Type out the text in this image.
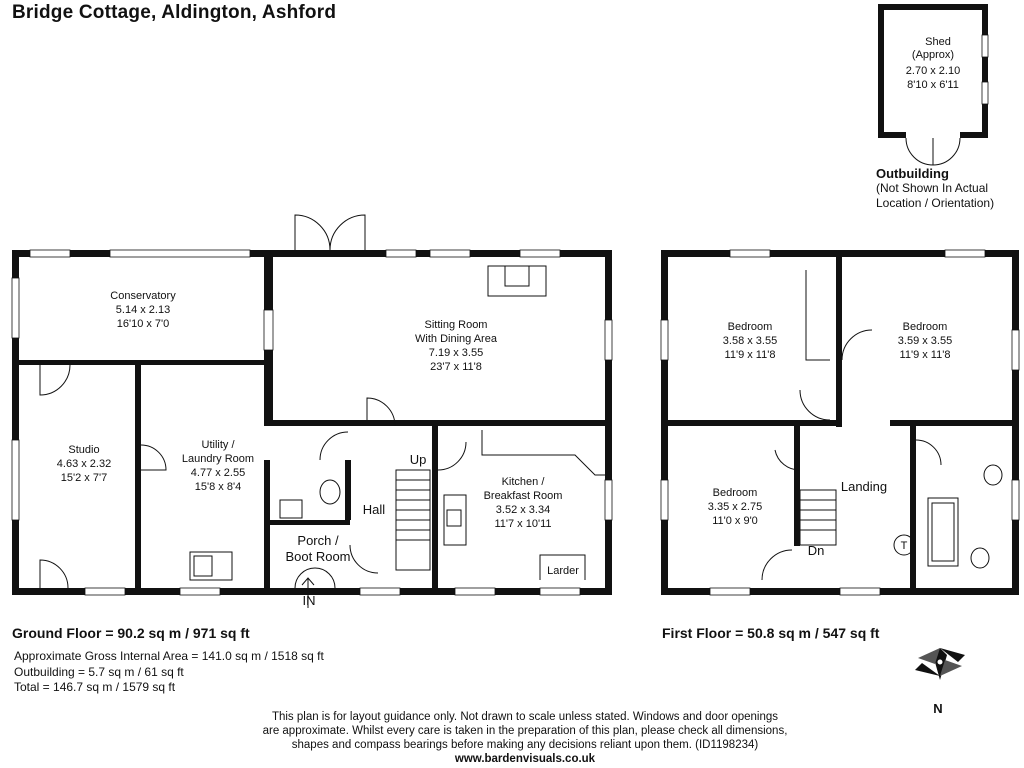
Bridge Cottage, Aldington, Ashford
Shed
(Approx)
2.70 x 2.10
8'10 x 6'11
Conservatory
5.14 x 2.13
16'10 x 7'0	Sitting Room
With Dining Area
7.19 x 3.55
23'7 x 11'8
Studio
4.63 x 2.32
15'2 x 7'7
Utility /
Laundry Room
4.77 x 2.55
15'8 x 8'4	Kitchen /
Breakfast Room
3.52 x 3.34
11'7 x 10'11
Hall
Up
Porch /
Boot Room
Larder
IN
Bedroom
3.58 x 3.55
11'9 x 11'8
Bedroom
3.59 x 3.55
11'9 x 11'8
Bedroom
3.35 x 2.75
11'0 x 9'0
Landing
Dn	T
N
Outbuilding
(Not Shown In Actual
Location / Orientation)
Ground Floor = 90.2 sq m / 971 sq ft	First Floor = 50.8 sq m / 547 sq ft
Approximate Gross Internal Area = 141.0 sq m / 1518 sq ft
Outbuilding = 5.7 sq m / 61 sq ft
Total = 146.7 sq m / 1579 sq ft
This plan is for layout guidance only. Not drawn to scale unless stated. Windows and door openings
are approximate. Whilst every care is taken in the preparation of this plan, please check all dimensions,
shapes and compass bearings before making any decisions reliant upon them. (ID1198234)
www.bardenvisuals.co.uk
